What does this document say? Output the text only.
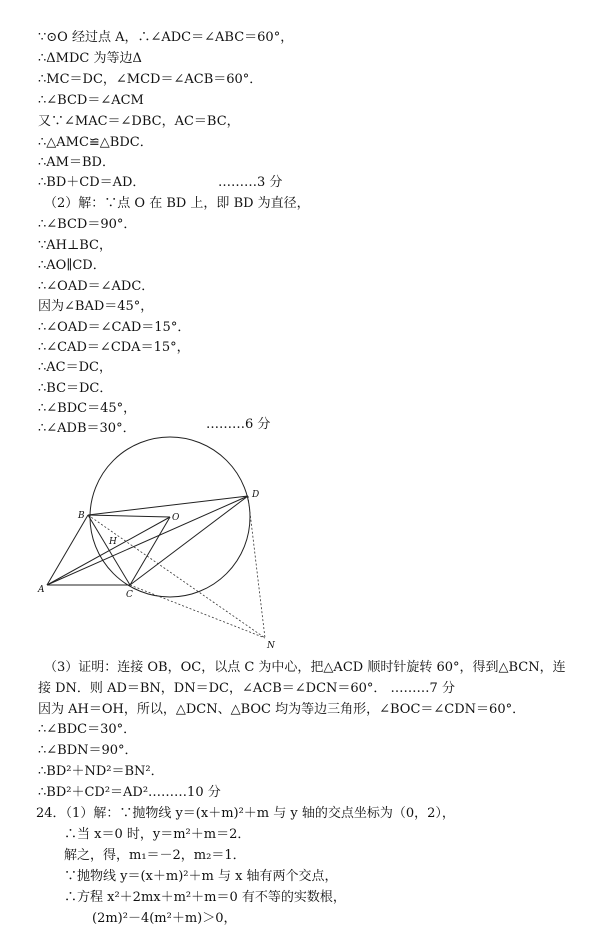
∵⊙O 经过点 A，∴∠ADC＝∠ABC＝60°，
∴ΔMDC 为等边Δ
∴MC＝DC，∠MCD＝∠ACB＝60°．
∴∠BCD＝∠ACM
又∵∠MAC＝∠DBC，AC＝BC，
∴△AMC≌△BDC．
∴AM＝BD．
∴BD＋CD＝AD．	………3 分
（2）解：∵点 O 在 BD 上，即 BD 为直径，
∴∠BCD＝90°．
∵AH⊥BC，
∴AO∥CD．
∴∠OAD＝∠ADC．
因为∠BAD＝45°，
∴∠OAD＝∠CAD＝15°．
∴∠CAD＝∠CDA＝15°，
∴AC＝DC，
∴BC＝DC．
∴∠BDC＝45°，
∴∠ADB＝30°．	………6 分
A
B
C
D
O
H
N
（3）证明：连接 OB，OC，以点 C 为中心，把△ACD 顺时针旋转 60°，得到△BCN，连
接 DN．则 AD＝BN，DN＝DC，∠ACB＝∠DCN＝60°． ………7 分
因为 AH＝OH，所以，△DCN、△BOC 均为等边三角形，∠BOC＝∠CDN＝60°．
∴∠BDC＝30°．
∴∠BDN＝90°．
∴BD²＋ND²＝BN²．
∴BD²＋CD²＝AD²………10 分
24．（1）解：∵抛物线 y＝(x＋m)²＋m 与 y 轴的交点坐标为（0，2），
∴当 x＝0 时，y＝m²＋m＝2．
解之，得，m₁＝－2，m₂＝1．
∵抛物线 y＝(x＋m)²＋m 与 x 轴有两个交点，
∴方程 x²＋2mx＋m²＋m＝0 有不等的实数根，
(2m)²－4(m²＋m)＞0，
